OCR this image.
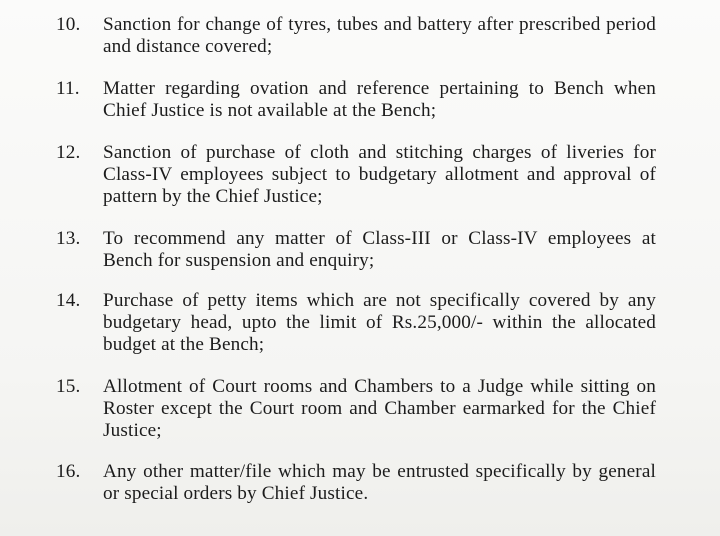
10.	Sanction for change of tyres, tubes and battery after prescribed period and distance covered;
11.	Matter regarding ovation and reference pertaining to Bench when Chief Justice is not available at the Bench;
12.	Sanction of purchase of cloth and stitching charges of liveries for Class-IV employees subject to budgetary allotment and approval of pattern by the Chief Justice;
13.	To recommend any matter of Class-III or Class-IV employees at Bench for suspension and enquiry;
14.	Purchase of petty items which are not specifically covered by any budgetary head, upto the limit of Rs.25,000/- within the allocated budget at the Bench;
15.	Allotment of Court rooms and Chambers to a Judge while sitting on Roster except the Court room and Chamber earmarked for the Chief Justice;
16.	Any other matter/file which may be entrusted specifically by general or special orders by Chief Justice.
